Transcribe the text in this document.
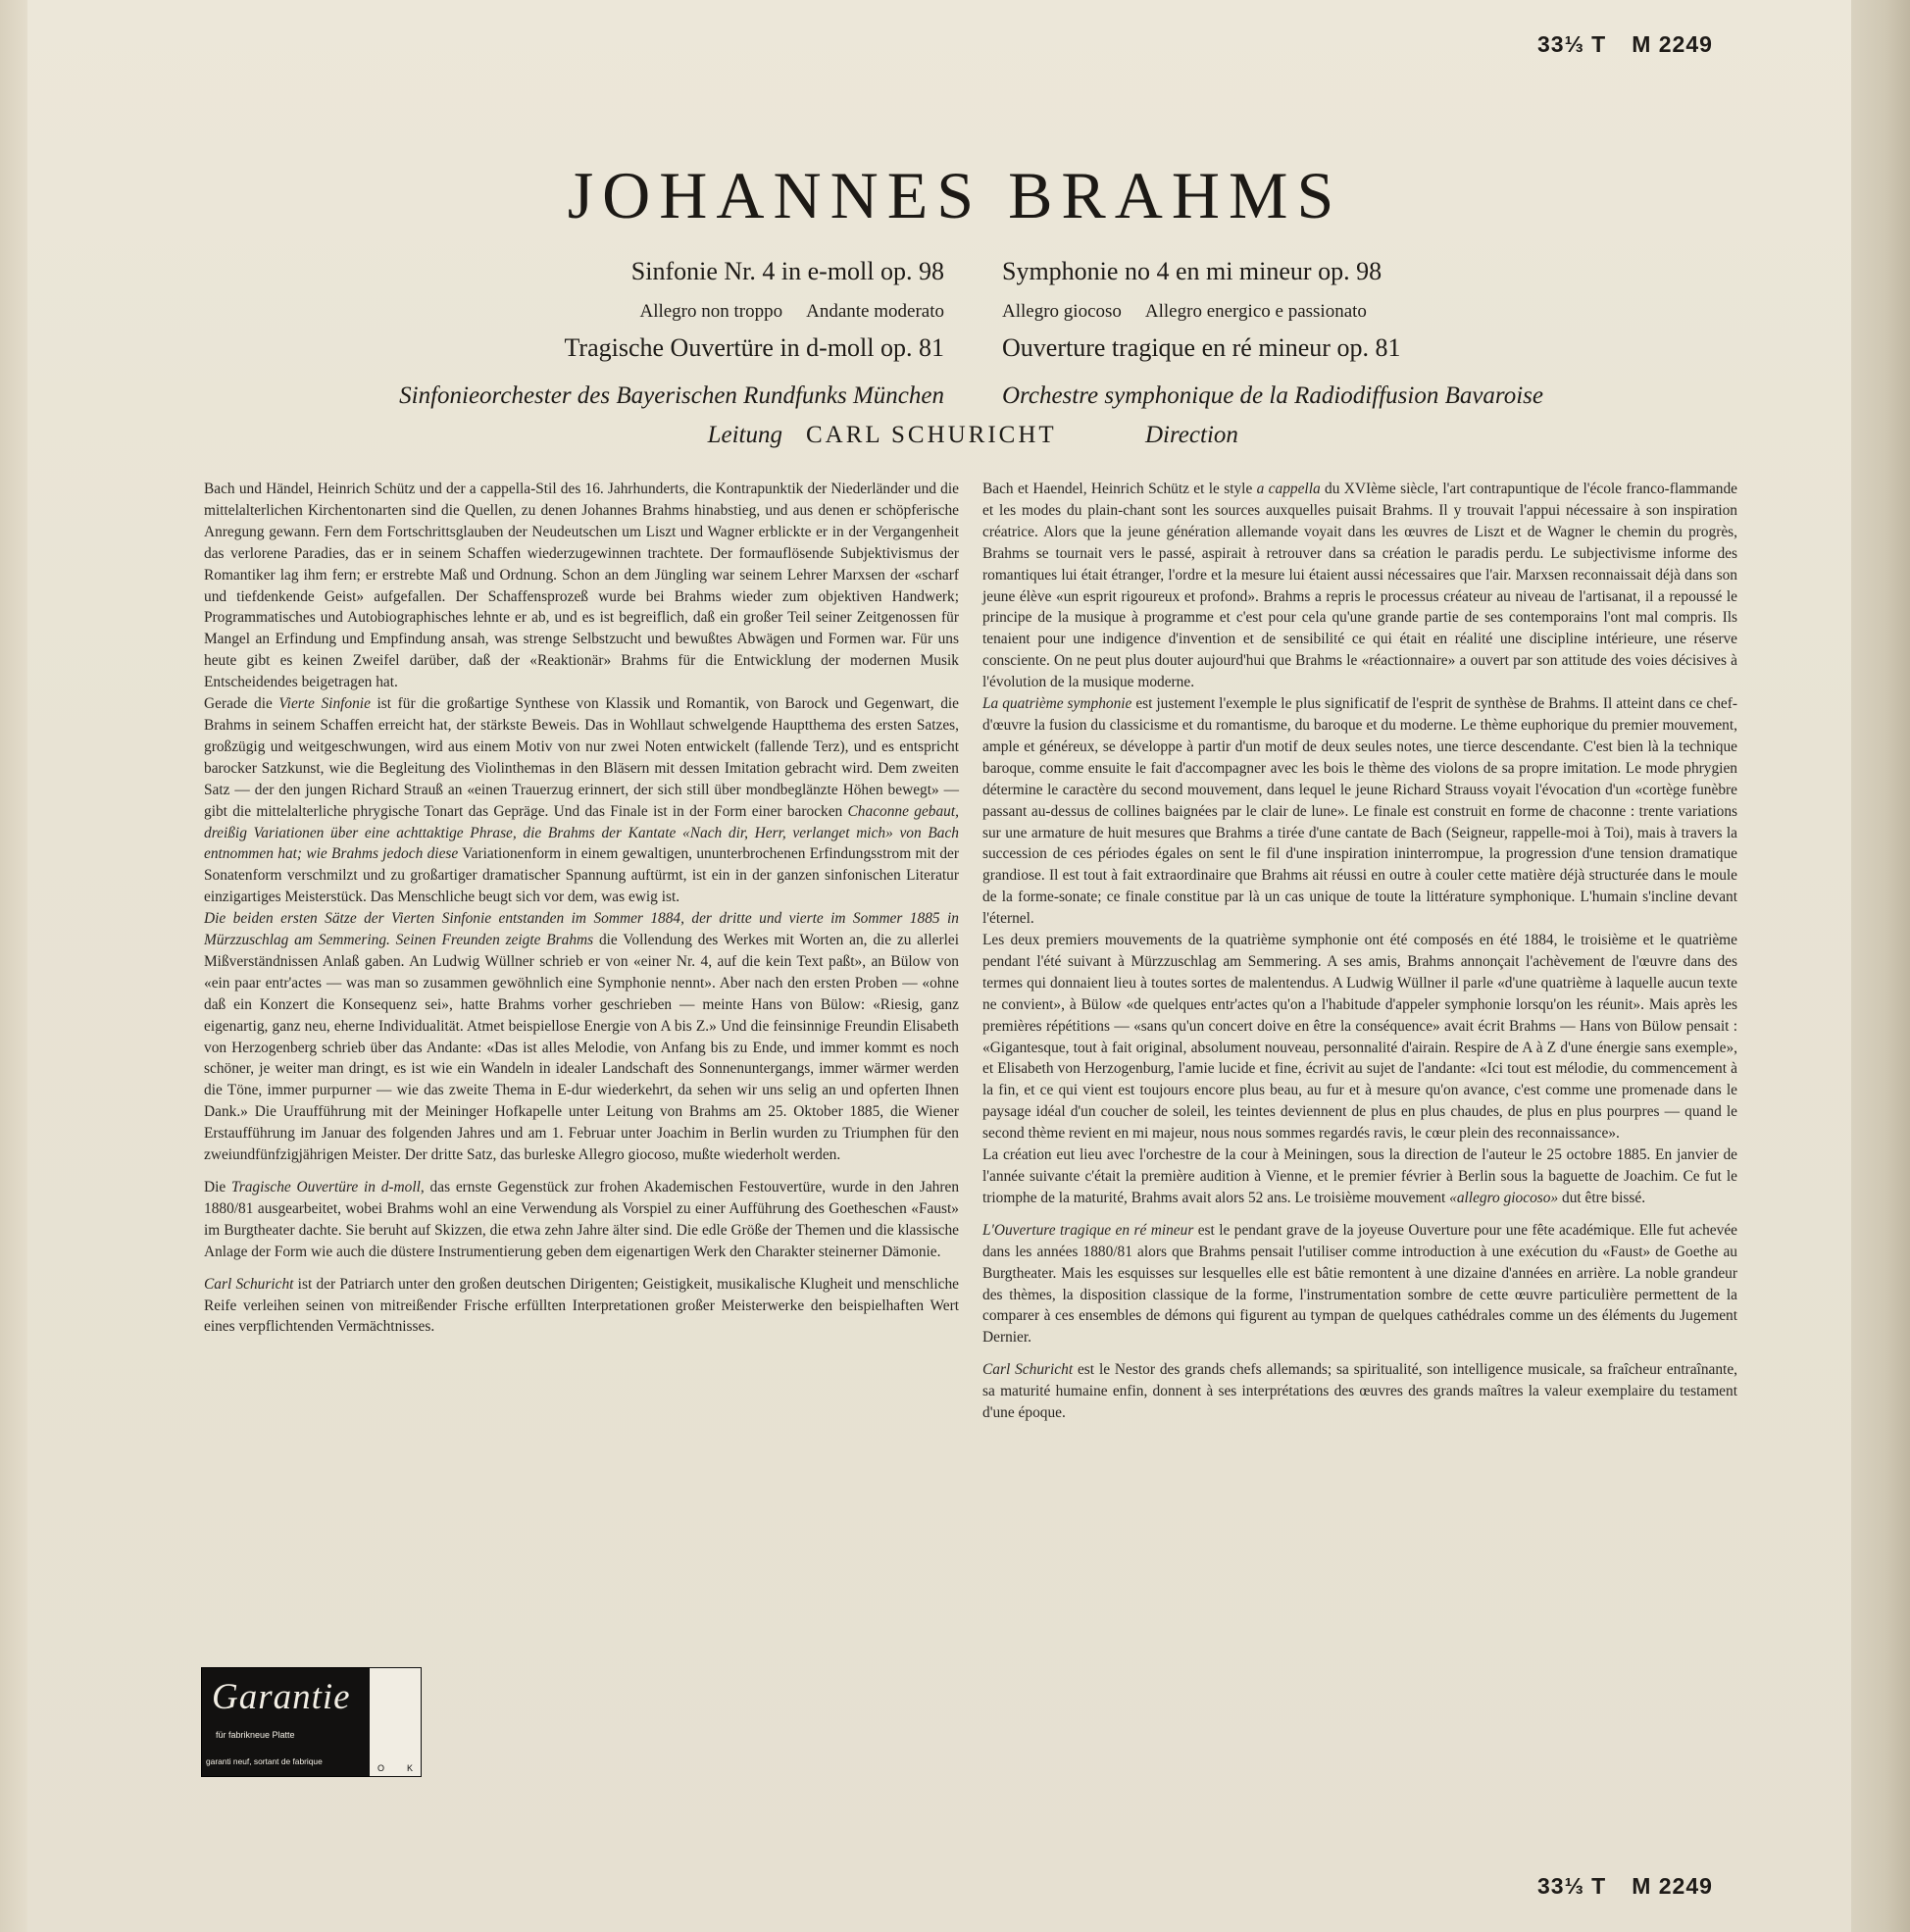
33⅓ T M 2249
JOHANNES BRAHMS
Sinfonie Nr. 4 in e-moll op. 98
Allegro non troppo Andante moderato
Tragische Ouvertüre in d-moll op. 81
Sinfonieorchester des Bayerischen Rundfunks München
Symphonie no 4 en mi mineur op. 98
Allegro giocoso Allegro energico e passionato
Ouverture tragique en ré mineur op. 81
Orchestre symphonique de la Radiodiffusion Bavaroise
Leitung CARL SCHURICHT	Direction

Bach und Händel, Heinrich Schütz und der a cappella-Stil des 16. Jahrhunderts, die Kontrapunktik der Niederländer und die mittelalterlichen Kirchentonarten sind die Quellen, zu denen Johannes Brahms hinabstieg, und aus denen er schöpferische Anregung gewann. Fern dem Fortschrittsglauben der Neudeutschen um Liszt und Wagner erblickte er in der Vergangenheit das verlorene Paradies, das er in seinem Schaffen wiederzugewinnen trachtete. Der formauflösende Subjektivismus der Romantiker lag ihm fern; er erstrebte Maß und Ordnung. Schon an dem Jüngling war seinem Lehrer Marxsen der «scharf und tiefdenkende Geist» aufgefallen. Der Schaffensprozeß wurde bei Brahms wieder zum objektiven Handwerk; Programmatisches und Autobiographisches lehnte er ab, und es ist begreiflich, daß ein großer Teil seiner Zeitgenossen für Mangel an Erfindung und Empfindung ansah, was strenge Selbstzucht und bewußtes Abwägen und Formen war. Für uns heute gibt es keinen Zweifel darüber, daß der «Reaktionär» Brahms für die Entwicklung der modernen Musik Entscheidendes beigetragen hat.

Gerade die Vierte Sinfonie ist für die großartige Synthese von Klassik und Romantik, von Barock und Gegenwart, die Brahms in seinem Schaffen erreicht hat, der stärkste Beweis. Das in Wohllaut schwelgende Hauptthema des ersten Satzes, großzügig und weitgeschwungen, wird aus einem Motiv von nur zwei Noten entwickelt (fallende Terz), und es entspricht barocker Satzkunst, wie die Begleitung des Violinthemas in den Bläsern mit dessen Imitation gebracht wird. Dem zweiten Satz — der den jungen Richard Strauß an «einen Trauerzug erinnert, der sich still über mondbeglänzte Höhen bewegt» — gibt die mittelalterliche phrygische Tonart das Gepräge. Und das Finale ist in der Form einer barocken Chaconne gebaut, dreißig Variationen über eine achttaktige Phrase, die Brahms der Kantate «Nach dir, Herr, verlanget mich» von Bach entnommen hat; wie Brahms jedoch diese Variationenform in einem gewaltigen, ununterbrochenen Erfindungsstrom mit der Sonatenform verschmilzt und zu großartiger dramatischer Spannung auftürmt, ist ein in der ganzen sinfonischen Literatur einzigartiges Meisterstück. Das Menschliche beugt sich vor dem, was ewig ist.

Die beiden ersten Sätze der Vierten Sinfonie entstanden im Sommer 1884, der dritte und vierte im Sommer 1885 in Mürzzuschlag am Semmering. Seinen Freunden zeigte Brahms die Vollendung des Werkes mit Worten an, die zu allerlei Mißverständnissen Anlaß gaben. An Ludwig Wüllner schrieb er von «einer Nr. 4, auf die kein Text paßt», an Bülow von «ein paar entr'actes — was man so zusammen gewöhnlich eine Symphonie nennt». Aber nach den ersten Proben — «ohne daß ein Konzert die Konsequenz sei», hatte Brahms vorher geschrieben — meinte Hans von Bülow: «Riesig, ganz eigenartig, ganz neu, eherne Individualität. Atmet beispiellose Energie von A bis Z.» Und die feinsinnige Freundin Elisabeth von Herzogenberg schrieb über das Andante: «Das ist alles Melodie, von Anfang bis zu Ende, und immer kommt es noch schöner, je weiter man dringt, es ist wie ein Wandeln in idealer Landschaft des Sonnenuntergangs, immer wärmer werden die Töne, immer purpurner — wie das zweite Thema in E-dur wiederkehrt, da sehen wir uns selig an und opferten Ihnen Dank.» Die Uraufführung mit der Meininger Hofkapelle unter Leitung von Brahms am 25. Oktober 1885, die Wiener Erstaufführung im Januar des folgenden Jahres und am 1. Februar unter Joachim in Berlin wurden zu Triumphen für den zweiundfünfzigjährigen Meister. Der dritte Satz, das burleske Allegro giocoso, mußte wiederholt werden.

Die Tragische Ouvertüre in d-moll, das ernste Gegenstück zur frohen Akademischen Festouvertüre, wurde in den Jahren 1880/81 ausgearbeitet, wobei Brahms wohl an eine Verwendung als Vorspiel zu einer Aufführung des Goetheschen «Faust» im Burgtheater dachte. Sie beruht auf Skizzen, die etwa zehn Jahre älter sind. Die edle Größe der Themen und die klassische Anlage der Form wie auch die düstere Instrumentierung geben dem eigenartigen Werk den Charakter steinerner Dämonie.

Carl Schuricht ist der Patriarch unter den großen deutschen Dirigenten; Geistigkeit, musikalische Klugheit und menschliche Reife verleihen seinen von mitreißender Frische erfüllten Interpretationen großer Meisterwerke den beispielhaften Wert eines verpflichtenden Vermächtnisses.

Bach et Haendel, Heinrich Schütz et le style a cappella du XVIème siècle, l'art contrapuntique de l'école franco-flammande et les modes du plain-chant sont les sources auxquelles puisait Brahms. Il y trouvait l'appui nécessaire à son inspiration créatrice. Alors que la jeune génération allemande voyait dans les œuvres de Liszt et de Wagner le chemin du progrès, Brahms se tournait vers le passé, aspirait à retrouver dans sa création le paradis perdu. Le subjectivisme informe des romantiques lui était étranger, l'ordre et la mesure lui étaient aussi nécessaires que l'air. Marxsen reconnaissait déjà dans son jeune élève «un esprit rigoureux et profond». Brahms a repris le processus créateur au niveau de l'artisanat, il a repoussé le principe de la musique à programme et c'est pour cela qu'une grande partie de ses contemporains l'ont mal compris. Ils tenaient pour une indigence d'invention et de sensibilité ce qui était en réalité une discipline intérieure, une réserve consciente. On ne peut plus douter aujourd'hui que Brahms le «réactionnaire» a ouvert par son attitude des voies décisives à l'évolution de la musique moderne.

La quatrième symphonie est justement l'exemple le plus significatif de l'esprit de synthèse de Brahms. Il atteint dans ce chef-d'œuvre la fusion du classicisme et du romantisme, du baroque et du moderne. Le thème euphorique du premier mouvement, ample et généreux, se développe à partir d'un motif de deux seules notes, une tierce descendante. C'est bien là la technique baroque, comme ensuite le fait d'accompagner avec les bois le thème des violons de sa propre imitation. Le mode phrygien détermine le caractère du second mouvement, dans lequel le jeune Richard Strauss voyait l'évocation d'un «cortège funèbre passant au-dessus de collines baignées par le clair de lune». Le finale est construit en forme de chaconne : trente variations sur une armature de huit mesures que Brahms a tirée d'une cantate de Bach (Seigneur, rappelle-moi à Toi), mais à travers la succession de ces périodes égales on sent le fil d'une inspiration ininterrompue, la progression d'une tension dramatique grandiose. Il est tout à fait extraordinaire que Brahms ait réussi en outre à couler cette matière déjà structurée dans le moule de la forme-sonate; ce finale constitue par là un cas unique de toute la littérature symphonique. L'humain s'incline devant l'éternel.

Les deux premiers mouvements de la quatrième symphonie ont été composés en été 1884, le troisième et le quatrième pendant l'été suivant à Mürzzuschlag am Semmering. A ses amis, Brahms annonçait l'achèvement de l'œuvre dans des termes qui donnaient lieu à toutes sortes de malentendus. A Ludwig Wüllner il parle «d'une quatrième à laquelle aucun texte ne convient», à Bülow «de quelques entr'actes qu'on a l'habitude d'appeler symphonie lorsqu'on les réunit». Mais après les premières répétitions — «sans qu'un concert doive en être la conséquence» avait écrit Brahms — Hans von Bülow pensait : «Gigantesque, tout à fait original, absolument nouveau, personnalité d'airain. Respire de A à Z d'une énergie sans exemple», et Elisabeth von Herzogenburg, l'amie lucide et fine, écrivit au sujet de l'andante: «Ici tout est mélodie, du commencement à la fin, et ce qui vient est toujours encore plus beau, au fur et à mesure qu'on avance, c'est comme une promenade dans le paysage idéal d'un coucher de soleil, les teintes deviennent de plus en plus chaudes, de plus en plus pourpres — quand le second thème revient en mi majeur, nous nous sommes regardés ravis, le cœur plein des reconnaissance».

La création eut lieu avec l'orchestre de la cour à Meiningen, sous la direction de l'auteur le 25 octobre 1885. En janvier de l'année suivante c'était la première audition à Vienne, et le premier février à Berlin sous la baguette de Joachim. Ce fut le triomphe de la maturité, Brahms avait alors 52 ans. Le troisième mouvement «allegro giocoso» dut être bissé.

L'Ouverture tragique en ré mineur est le pendant grave de la joyeuse Ouverture pour une fête académique. Elle fut achevée dans les années 1880/81 alors que Brahms pensait l'utiliser comme introduction à une exécution du «Faust» de Goethe au Burgtheater. Mais les esquisses sur lesquelles elle est bâtie remontent à une dizaine d'années en arrière. La noble grandeur des thèmes, la disposition classique de la forme, l'instrumentation sombre de cette œuvre particulière permettent de la comparer à ces ensembles de démons qui figurent au tympan de quelques cathédrales comme un des éléments du Jugement Dernier.

Carl Schuricht est le Nestor des grands chefs allemands; sa spiritualité, son intelligence musicale, sa fraîcheur entraînante, sa maturité humaine enfin, donnent à ses interprétations des œuvres des grands maîtres la valeur exemplaire du testament d'une époque.

Garantie
für fabrikneue Platte
garanti neuf, sortant de fabrique
O	K
33⅓ T M 2249
